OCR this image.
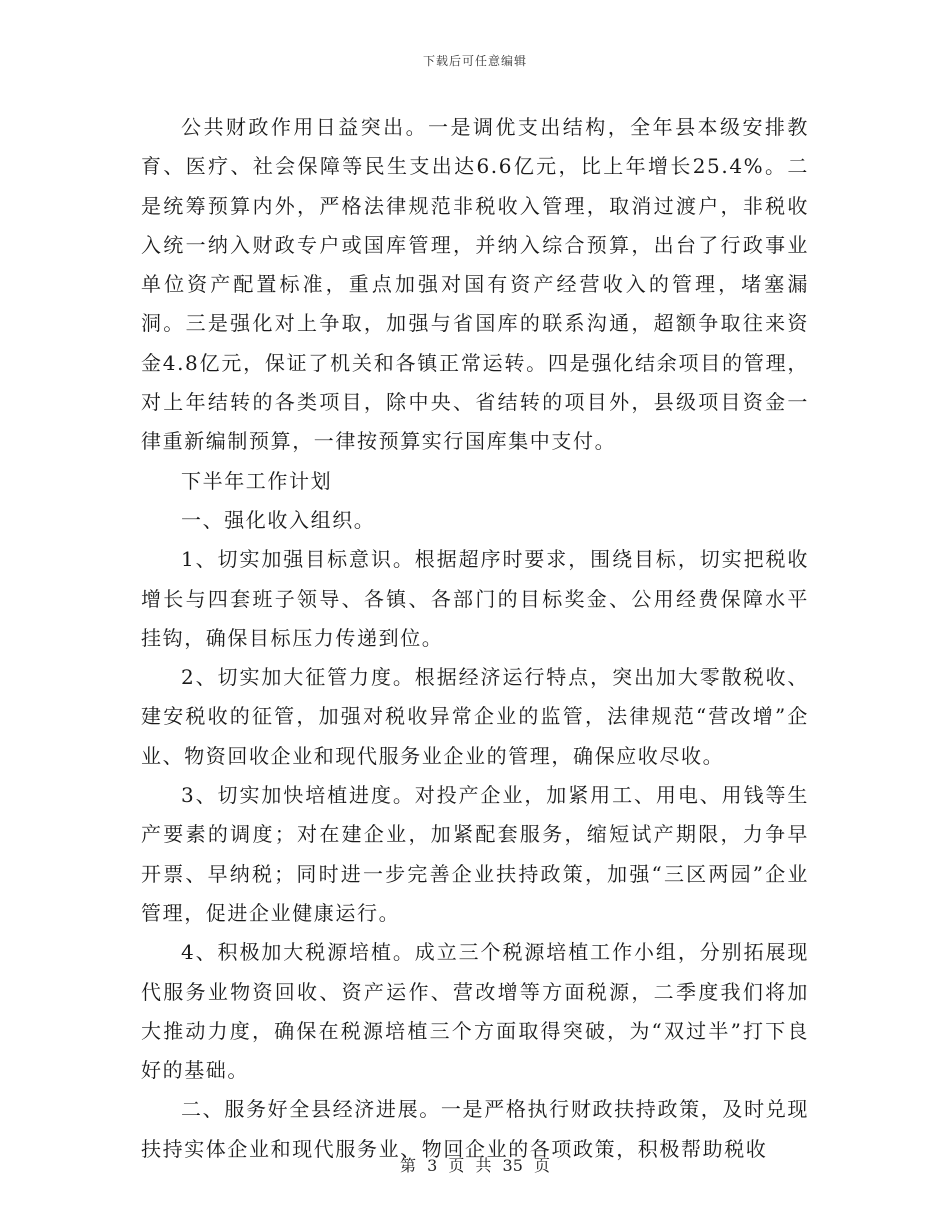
下载后可任意编辑

公共财政作用日益突出。一是调优支出结构，全年县本级安排教育、医疗、社会保障等民生支出达6.6亿元，比上年增长25.4%。二是统筹预算内外，严格法律规范非税收入管理，取消过渡户，非税收入统一纳入财政专户或国库管理，并纳入综合预算，出台了行政事业单位资产配置标准，重点加强对国有资产经营收入的管理，堵塞漏洞。三是强化对上争取，加强与省国库的联系沟通，超额争取往来资金4.8亿元，保证了机关和各镇正常运转。四是强化结余项目的管理，对上年结转的各类项目，除中央、省结转的项目外，县级项目资金一律重新编制预算，一律按预算实行国库集中支付。

下半年工作计划

一、强化收入组织。

1、切实加强目标意识。根据超序时要求，围绕目标，切实把税收增长与四套班子领导、各镇、各部门的目标奖金、公用经费保障水平挂钩，确保目标压力传递到位。

2、切实加大征管力度。根据经济运行特点，突出加大零散税收、建安税收的征管，加强对税收异常企业的监管，法律规范“营改增”企业、物资回收企业和现代服务业企业的管理，确保应收尽收。

3、切实加快培植进度。对投产企业，加紧用工、用电、用钱等生产要素的调度；对在建企业，加紧配套服务，缩短试产期限，力争早开票、早纳税；同时进一步完善企业扶持政策，加强“三区两园”企业管理，促进企业健康运行。

4、积极加大税源培植。成立三个税源培植工作小组，分别拓展现代服务业物资回收、资产运作、营改增等方面税源，二季度我们将加大推动力度，确保在税源培植三个方面取得突破，为“双过半”打下良好的基础。

二、服务好全县经济进展。一是严格执行财政扶持政策，及时兑现扶持实体企业和现代服务业、物回企业的各项政策，积极帮助税收

第 3 页 共 35 页
